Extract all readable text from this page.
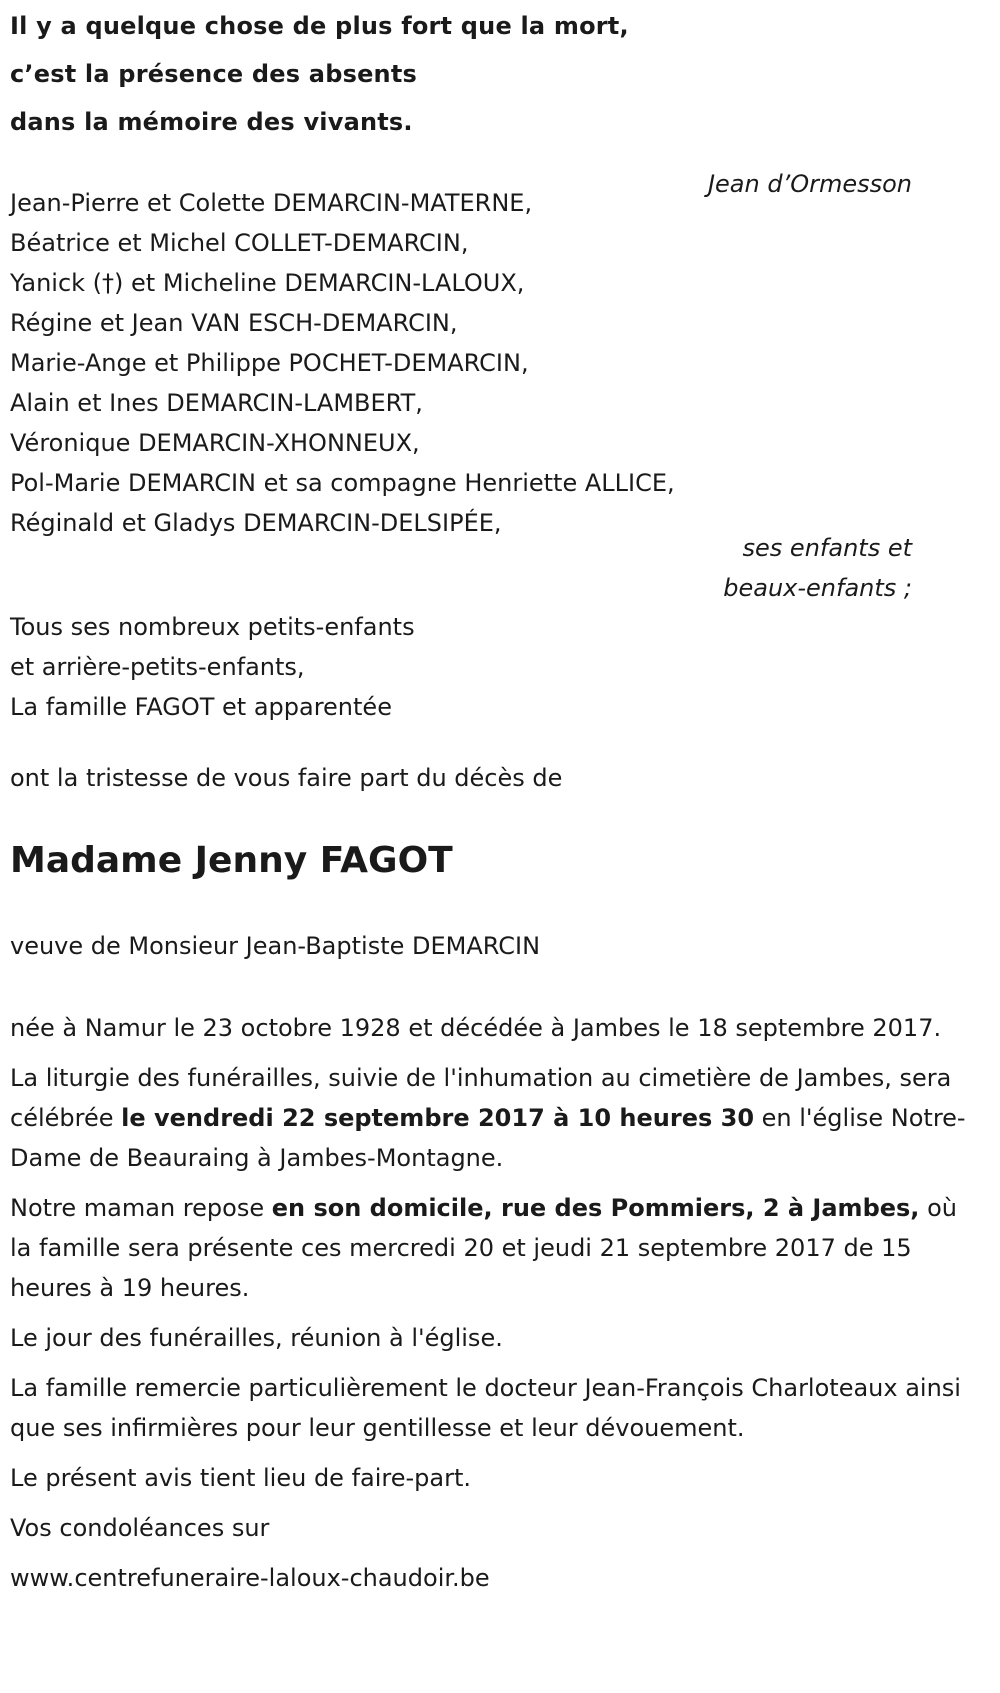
Il y a quelque chose de plus fort que la mort,
c’est la présence des absents
dans la mémoire des vivants.
Jean d’Ormesson
Jean-Pierre et Colette DEMARCIN-MATERNE,
Béatrice et Michel COLLET-DEMARCIN,
Yanick (†) et Micheline DEMARCIN-LALOUX,
Régine et Jean VAN ESCH-DEMARCIN,
Marie-Ange et Philippe POCHET-DEMARCIN,
Alain et Ines DEMARCIN-LAMBERT,
Véronique DEMARCIN-XHONNEUX,
Pol-Marie DEMARCIN et sa compagne Henriette ALLICE,
Réginald et Gladys DEMARCIN-DELSIPÉE,
ses enfants et
beaux-enfants ;
Tous ses nombreux petits-enfants
et arrière-petits-enfants,
La famille FAGOT et apparentée
ont la tristesse de vous faire part du décès de
Madame Jenny FAGOT
veuve de Monsieur Jean-Baptiste DEMARCIN

née à Namur le 23 octobre 1928 et décédée à Jambes le 18 septembre 2017.

La liturgie des funérailles, suivie de l'inhumation au cimetière de Jambes, sera célébrée le vendredi 22 septembre 2017 à 10 heures 30 en l'église Notre-Dame de Beauraing à Jambes-Montagne.

Notre maman repose en son domicile, rue des Pommiers, 2 à Jambes, où la famille sera présente ces mercredi 20 et jeudi 21 septembre 2017 de 15 heures à 19 heures.

Le jour des funérailles, réunion à l'église.

La famille remercie particulièrement le docteur Jean-François Charloteaux ainsi que ses infirmières pour leur gentillesse et leur dévouement.

Le présent avis tient lieu de faire-part.

Vos condoléances sur

www.centrefuneraire-laloux-chaudoir.be
